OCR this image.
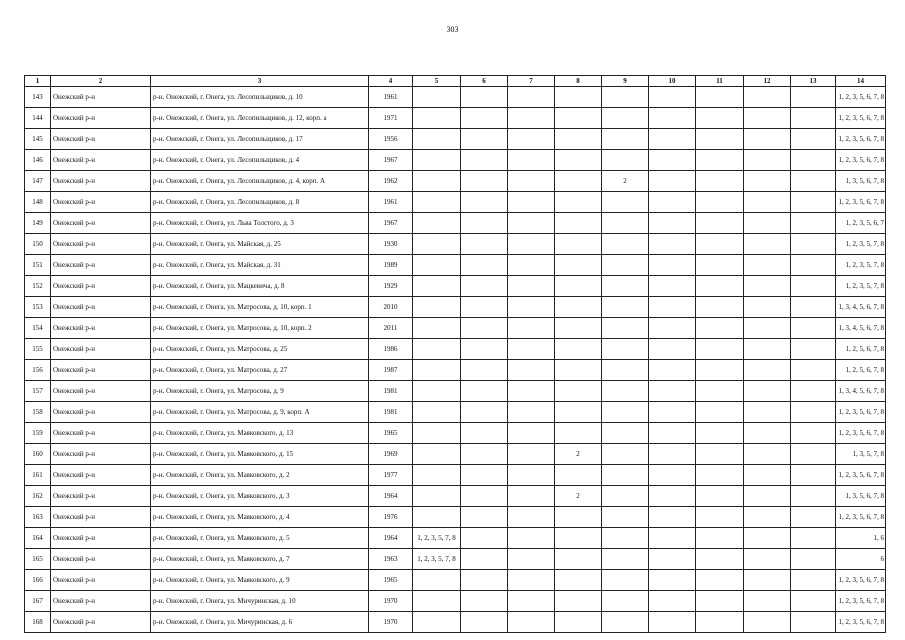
303
1	2	3	4	5	6	7	8	9	10	11	12	13	14
143	Онежский р-н	р-н. Онежский, г. Онега, ул. Лесопильщиков, д. 10	1961										1, 2, 3, 5, 6, 7, 8
144	Онежский р-н	р-н. Онежский, г. Онега, ул. Лесопильщиков, д. 12, корп. а	1971										1, 2, 3, 5, 6, 7, 8
145	Онежский р-н	р-н. Онежский, г. Онега, ул. Лесопильщиков, д. 17	1956										1, 2, 3, 5, 6, 7, 8
146	Онежский р-н	р-н. Онежский, г. Онега, ул. Лесопильщиков, д. 4	1967										1, 2, 3, 5, 6, 7, 8
147	Онежский р-н	р-н. Онежский, г. Онега, ул. Лесопильщиков, д. 4, корп. А	1962					2					1, 3, 5, 6, 7, 8
148	Онежский р-н	р-н. Онежский, г. Онега, ул. Лесопильщиков, д. 8	1961										1, 2, 3, 5, 6, 7, 8
149	Онежский р-н	р-н. Онежский, г. Онега, ул. Льва Толстого, д. 3	1967										1, 2, 3, 5, 6, 7
150	Онежский р-н	р-н. Онежский, г. Онега, ул. Майская, д. 25	1930										1, 2, 3, 5, 7, 8
151	Онежский р-н	р-н. Онежский, г. Онега, ул. Майская, д. 31	1989										1, 2, 3, 5, 7, 8
152	Онежский р-н	р-н. Онежский, г. Онега, ул. Мацкевича, д. 8	1929										1, 2, 3, 5, 7, 8
153	Онежский р-н	р-н. Онежский, г. Онега, ул. Матросова, д. 10, корп. 1	2010										1, 3, 4, 5, 6, 7, 8
154	Онежский р-н	р-н. Онежский, г. Онега, ул. Матросова, д. 10, корп. 2	2011										1, 3, 4, 5, 6, 7, 8
155	Онежский р-н	р-н. Онежский, г. Онега, ул. Матросова, д. 25	1986										1, 2, 5, 6, 7, 8
156	Онежский р-н	р-н. Онежский, г. Онега, ул. Матросова, д. 27	1987										1, 2, 5, 6, 7, 8
157	Онежский р-н	р-н. Онежский, г. Онега, ул. Матросова, д. 9	1981										1, 3, 4, 5, 6, 7, 8
158	Онежский р-н	р-н. Онежский, г. Онега, ул. Матросова, д. 9, корп. А	1981										1, 2, 3, 5, 6, 7, 8
159	Онежский р-н	р-н. Онежский, г. Онега, ул. Маяковского, д. 13	1965										1, 2, 3, 5, 6, 7, 8
160	Онежский р-н	р-н. Онежский, г. Онега, ул. Маяковского, д. 15	1969				2						1, 3, 5, 7, 8
161	Онежский р-н	р-н. Онежский, г. Онега, ул. Маяковского, д. 2	1977										1, 2, 3, 5, 6, 7, 8
162	Онежский р-н	р-н. Онежский, г. Онега, ул. Маяковского, д. 3	1964				2						1, 3, 5, 6, 7, 8
163	Онежский р-н	р-н. Онежский, г. Онега, ул. Маяковского, д. 4	1976										1, 2, 3, 5, 6, 7, 8
164	Онежский р-н	р-н. Онежский, г. Онега, ул. Маяковского, д. 5	1964	1, 2, 3, 5, 7, 8									1, 6
165	Онежский р-н	р-н. Онежский, г. Онега, ул. Маяковского, д. 7	1963	1, 2, 3, 5, 7, 8									6
166	Онежский р-н	р-н. Онежский, г. Онега, ул. Маяковского, д. 9	1965										1, 2, 3, 5, 6, 7, 8
167	Онежский р-н	р-н. Онежский, г. Онега, ул. Мичуринская, д. 10	1970										1, 2, 3, 5, 6, 7, 8
168	Онежский р-н	р-н. Онежский, г. Онега, ул. Мичуринская, д. 6	1970										1, 2, 3, 5, 6, 7, 8
